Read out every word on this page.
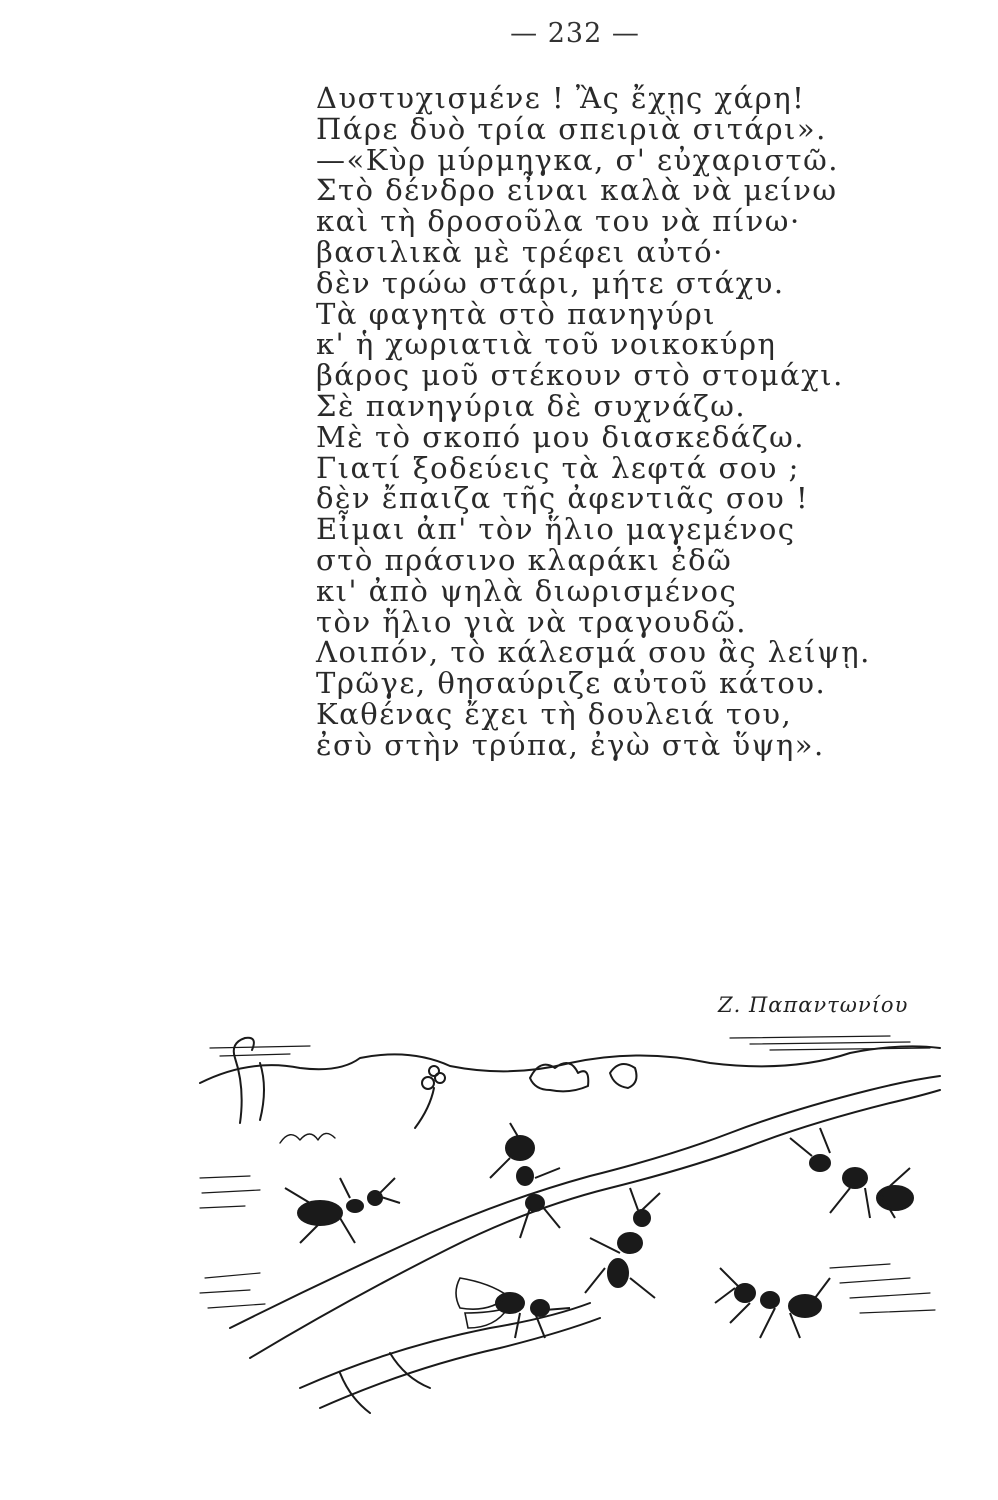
— 232 —
Δυστυχισμένε ! Ἂς ἔχῃς χάρη!
Πάρε δυὸ τρία σπειριὰ σιτάρι».
—«Κὺρ μύρμηγκα, σ' εὐχαριστῶ.
Στὸ δένδρο εἶναι καλὰ νὰ μείνω
καὶ τὴ δροσοῦλα του νὰ πίνω·
βασιλικὰ μὲ τρέφει αὐτό·
δὲν τρώω στάρι, μήτε στάχυ.
Τὰ φαγητὰ στὸ πανηγύρι
κ' ἡ χωριατιὰ τοῦ νοικοκύρη
βάρος μοῦ στέκουν στὸ στομάχι.
Σὲ πανηγύρια δὲ συχνάζω.
Μὲ τὸ σκοπό μου διασκεδάζω.
Γιατί ξοδεύεις τὰ λεφτά σου ;
δὲν ἔπαιζα τῆς ἀφεντιᾶς σου !
Εἶμαι ἀπ' τὸν ἥλιο μαγεμένος
στὸ πράσινο κλαράκι ἐδῶ
κι' ἀπὸ ψηλὰ διωρισμένος
τὸν ἥλιο γιὰ νὰ τραγουδῶ.
Λοιπόν, τὸ κάλεσμά σου ἂς λείψῃ.
Τρῶγε, θησαύριζε αὐτοῦ κάτου.
Καθένας ἔχει τὴ δουλειά του,
ἐσὺ στὴν τρύπα, ἐγὼ στὰ ὕψη».
Ζ. Παπαντωνίου
